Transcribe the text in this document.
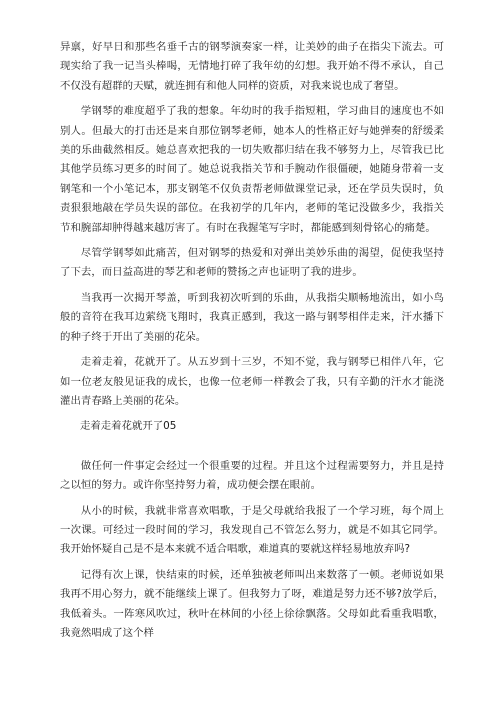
异禀，好早日和那些名垂千古的钢琴演奏家一样，让美妙的曲子在指尖下流去。可现实给了我一记当头棒喝，无情地打碎了我年幼的幻想。我开始不得不承认，自己不仅没有超群的天赋，就连拥有和他人同样的资质，对我来说也成了奢望。

学钢琴的难度超乎了我的想象。年幼时的我手指短粗，学习曲目的速度也不如别人。但最大的打击还是来自那位钢琴老师，她本人的性格正好与她弹奏的舒缓柔美的乐曲截然相反。她总喜欢把我的一切失败都归结在我不够努力上，尽管我已比其他学员练习更多的时间了。她总说我指关节和手腕动作很僵硬，她随身带着一支钢笔和一个小笔记本，那支钢笔不仅负责帮老师做课堂记录，还在学员失误时，负责狠狠地敲在学员失误的部位。在我初学的几年内，老师的笔记没做多少，我指关节和腕部却肿得越来越厉害了。有时在我握笔写字时，都能感到刻骨铭心的痛楚。

尽管学钢琴如此痛苦，但对钢琴的热爱和对弹出美妙乐曲的渴望，促使我坚持了下去，而日益高进的琴艺和老师的赞扬之声也证明了我的进步。

当我再一次揭开琴盖，听到我初次听到的乐曲，从我指尖顺畅地流出，如小鸟般的音符在我耳边萦绕飞翔时，我真正感到，我这一路与钢琴相伴走来，汗水播下的种子终于开出了美丽的花朵。

走着走着，花就开了。从五岁到十三岁，不知不觉，我与钢琴已相伴八年，它如一位老友般见证我的成长，也像一位老师一样教会了我，只有辛勤的汗水才能浇灌出青春路上美丽的花朵。

走着走着花就开了05

做任何一件事定会经过一个很重要的过程。并且这个过程需要努力，并且是持之以恒的努力。或许你坚持努力着，成功便会摆在眼前。

从小的时候，我就非常喜欢唱歌，于是父母就给我报了一个学习班，每个周上一次课。可经过一段时间的学习，我发现自己不管怎么努力，就是不如其它同学。我开始怀疑自己是不是本来就不适合唱歌，难道真的要就这样轻易地放弃吗?

记得有次上课，快结束的时候，还单独被老师叫出来数落了一顿。老师说如果我再不用心努力，就不能继续上课了。但我努力了呀，难道是努力还不够?放学后，我低着头。一阵寒风吹过，秋叶在林间的小径上徐徐飘落。父母如此看重我唱歌，我竟然唱成了这个样
